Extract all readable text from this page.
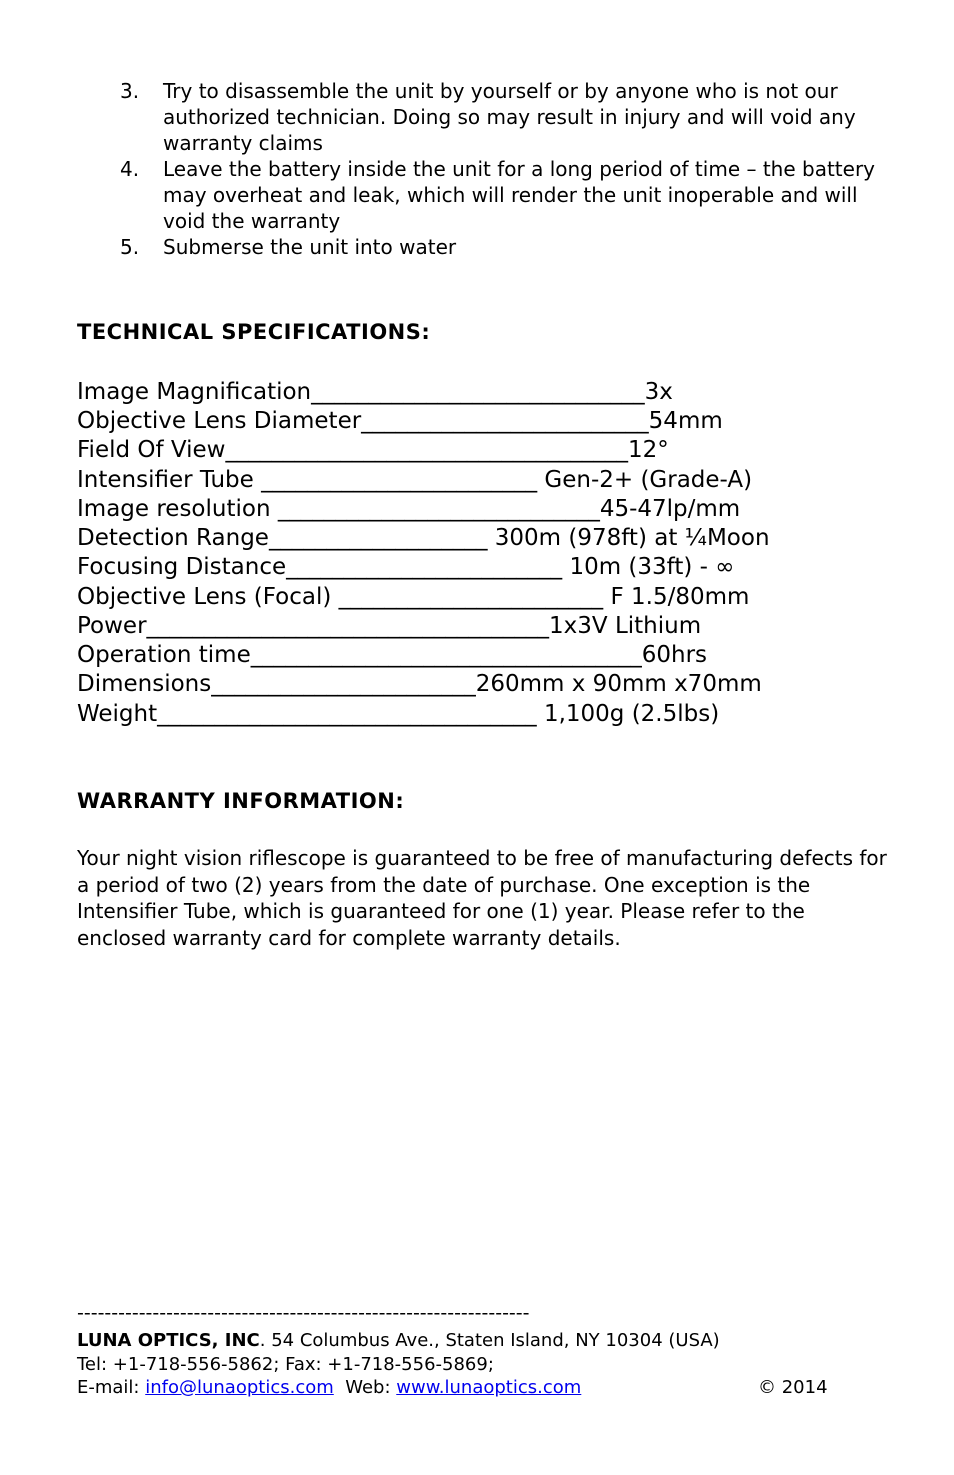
3. Try to disassemble the unit by yourself or by anyone who is not our authorized technician. Doing so may result in injury and will void any warranty claims
4. Leave the battery inside the unit for a long period of time – the battery may overheat and leak, which will render the unit inoperable and will void the warranty
5. Submerse the unit into water
TECHNICAL SPECIFICATIONS:
Image Magnification_____________________________3x
Objective Lens Diameter_________________________54mm
Field Of View___________________________________12°
Intensifier Tube ________________________ Gen-2+ (Grade-A)
Image resolution ____________________________45-47lp/mm
Detection Range___________________ 300m (978ft) at ¼Moon
Focusing Distance________________________ 10m (33ft) - ∞
Objective Lens (Focal) _______________________ F 1.5/80mm
Power___________________________________1x3V Lithium
Operation time__________________________________60hrs
Dimensions_______________________260mm x 90mm x70mm
Weight_________________________________ 1,100g (2.5lbs)
WARRANTY INFORMATION:
Your night vision riflescope is guaranteed to be free of manufacturing defects for a period of two (2) years from the date of purchase. One exception is the Intensifier Tube, which is guaranteed for one (1) year. Please refer to the enclosed warranty card for complete warranty details.
------------------------------------------------------------------
LUNA OPTICS, INC. 54 Columbus Ave., Staten Island, NY 10304 (USA)
Tel: +1-718-556-5862; Fax: +1-718-556-5869;
E-mail: info@lunaoptics.com  Web: www.lunaoptics.com	© 2014
